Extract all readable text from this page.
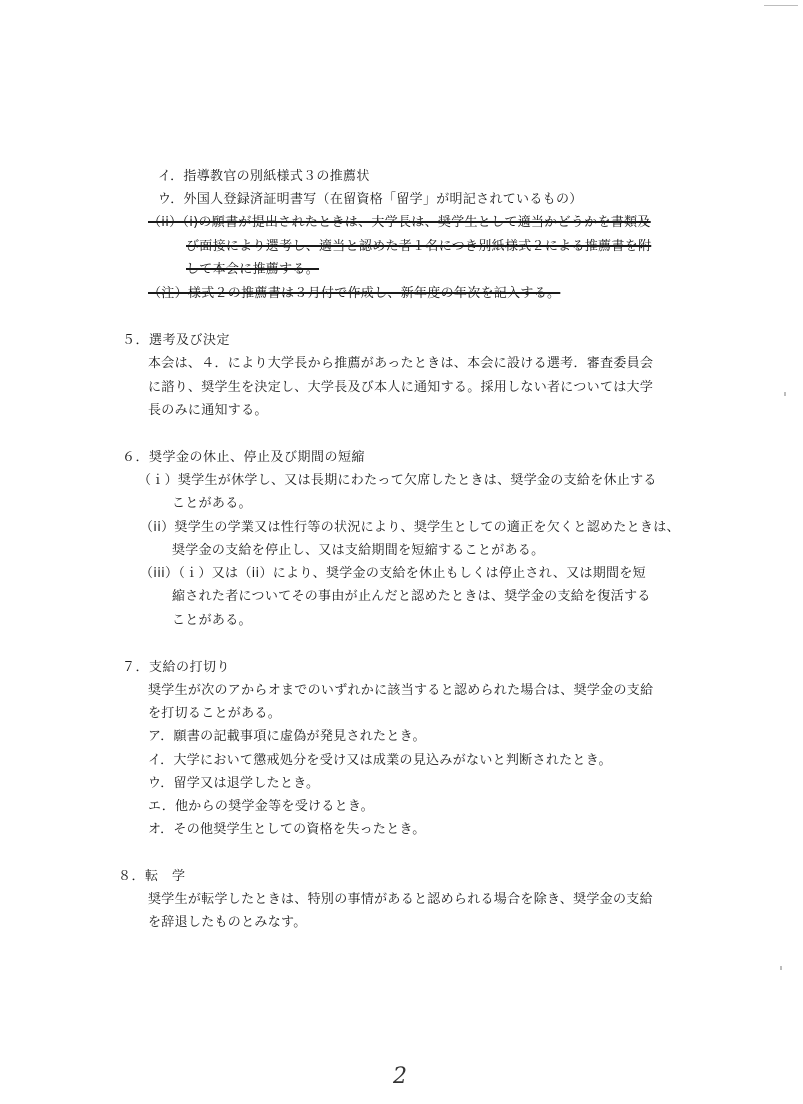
イ．指導教官の別紙様式３の推薦状
ウ．外国人登録済証明書写（在留資格「留学」が明記されているもの）
（ii）（i)の願書が提出されたときは、大学長は、奨学生として適当かどうかを書類及
び面接により選考し、適当と認めた者１名につき別紙様式２による推薦書を附
して本会に推薦する。
（注）様式２の推薦書は３月付で作成し、新年度の年次を記入する。
５．選考及び決定
本会は、４．により大学長から推薦があったときは、本会に設ける選考．審査委員会
に諮り、奨学生を決定し、大学長及び本人に通知する。採用しない者については大学
長のみに通知する。
６．奨学金の休止、停止及び期間の短縮
（ｉ）奨学生が休学し、又は長期にわたって欠席したときは、奨学金の支給を休止する
ことがある。
（ii）奨学生の学業又は性行等の状況により、奨学生としての適正を欠くと認めたときは、
奨学金の支給を停止し、又は支給期間を短縮することがある。
（iii）（ｉ）又は（ii）により、奨学金の支給を休止もしくは停止され、又は期間を短
縮された者についてその事由が止んだと認めたときは、奨学金の支給を復活する
ことがある。
７．支給の打切り
奨学生が次のアからオまでのいずれかに該当すると認められた場合は、奨学金の支給
を打切ることがある。
ア．願書の記載事項に虚偽が発見されたとき。
イ．大学において懲戒処分を受け又は成業の見込みがないと判断されたとき。
ウ．留学又は退学したとき。
エ．他からの奨学金等を受けるとき。
オ．その他奨学生としての資格を失ったとき。
８．転　学
奨学生が転学したときは、特別の事情があると認められる場合を除き、奨学金の支給
を辞退したものとみなす。
2
